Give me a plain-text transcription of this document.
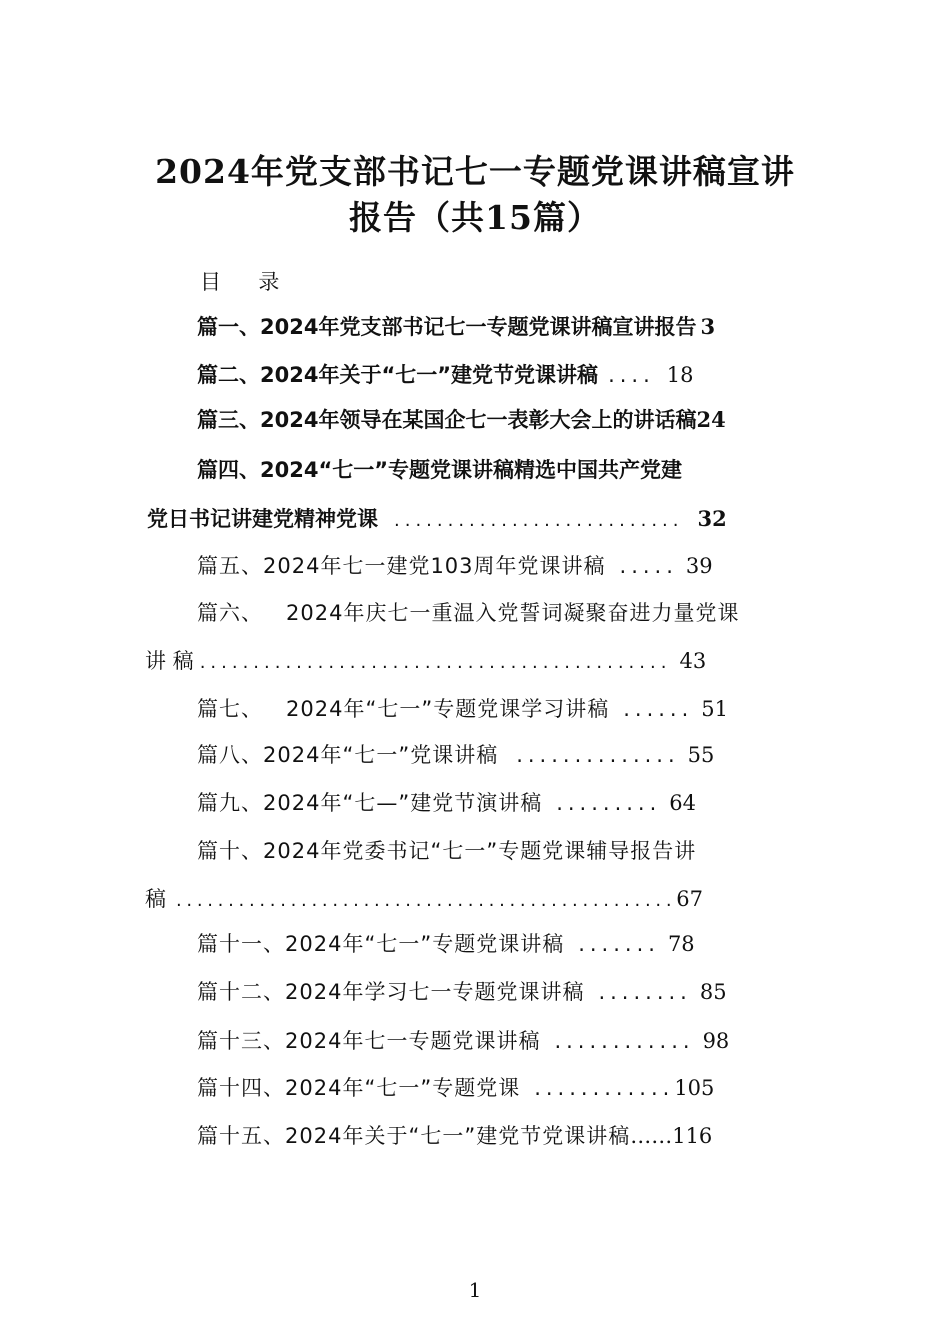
2024年党支部书记七一专题党课讲稿宣讲
报告（共15篇）
目  录
篇一、2024年党支部书记七一专题党课讲稿宣讲报告 3
篇二、2024年关于“七一”建党节党课讲稿 .... 18
篇三、2024年领导在某国企七一表彰大会上的讲话稿 24
篇四、2024“七一”专题党课讲稿精选中国共产党建
党日书记讲建党精神党课 ........................... 32
篇五、2024年七一建党103周年党课讲稿 ..... 39
篇六、   2024年庆七一重温入党誓词凝聚奋进力量党课
讲 稿 ............................................ 43
篇七、   2024年“七一”专题党课学习讲稿 ...... 51
篇八、2024年“七一”党课讲稿 .............. 55
篇九、2024年“七—”建党节演讲稿 ......... 64
篇十、2024年党委书记“七一”专题党课辅导报告讲
稿 ................................................ 67
篇十一、2024年“七一”专题党课讲稿 ....... 78
篇十二、2024年学习七一专题党课讲稿 ........ 85
篇十三、2024年七一专题党课讲稿 ............ 98
篇十四、2024年“七一”专题党课 ............ 105
篇十五、2024年关于“七一”建党节党课讲稿 …… 116
1
